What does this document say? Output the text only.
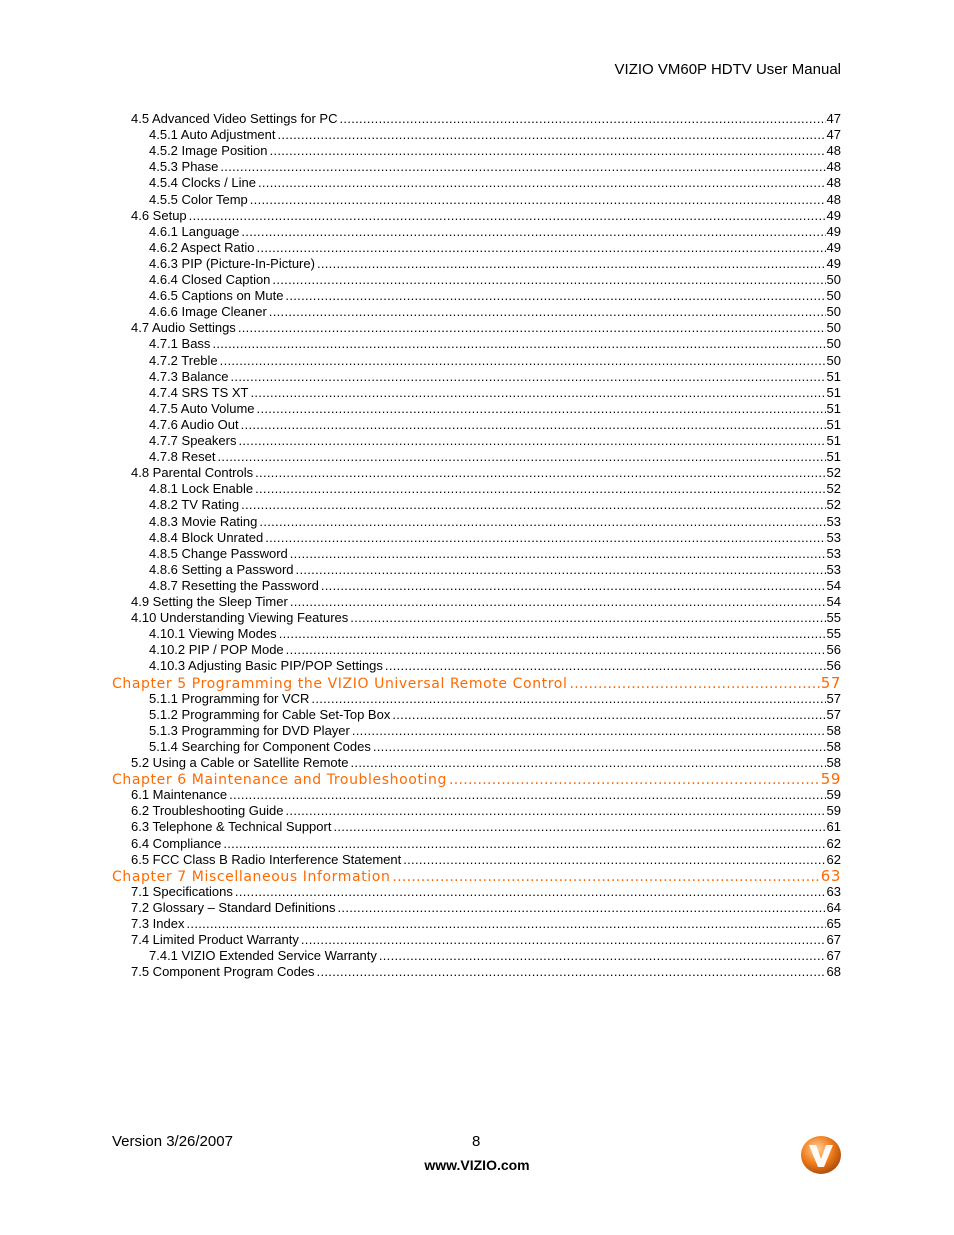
VIZIO VM60P HDTV User Manual
4.5 Advanced Video Settings for PC .....	47
4.5.1 Auto Adjustment .....	47
4.5.2 Image Position .....	48
4.5.3 Phase .....	48
4.5.4 Clocks / Line .....	48
4.5.5 Color Temp .....	48
4.6 Setup .....	49
4.6.1 Language .....	49
4.6.2 Aspect Ratio .....	49
4.6.3 PIP (Picture-In-Picture) .....	49
4.6.4 Closed Caption .....	50
4.6.5 Captions on Mute .....	50
4.6.6 Image Cleaner .....	50
4.7 Audio Settings .....	50
4.7.1 Bass .....	50
4.7.2 Treble .....	50
4.7.3 Balance .....	51
4.7.4 SRS TS XT .....	51
4.7.5 Auto Volume .....	51
4.7.6 Audio Out .....	51
4.7.7 Speakers .....	51
4.7.8 Reset .....	51
4.8 Parental Controls .....	52
4.8.1 Lock Enable .....	52
4.8.2 TV Rating .....	52
4.8.3 Movie Rating .....	53
4.8.4 Block Unrated .....	53
4.8.5 Change Password .....	53
4.8.6 Setting a Password .....	53
4.8.7 Resetting the Password .....	54
4.9 Setting the Sleep Timer .....	54
4.10 Understanding Viewing Features .....	55
4.10.1 Viewing Modes .....	55
4.10.2 PIP / POP Mode .....	56
4.10.3 Adjusting Basic PIP/POP Settings .....	56
Chapter 5 Programming the VIZIO Universal Remote Control .....	57
5.1.1 Programming for VCR .....	57
5.1.2 Programming for Cable Set-Top Box .....	57
5.1.3 Programming for DVD Player .....	58
5.1.4 Searching for Component Codes .....	58
5.2 Using a Cable or Satellite Remote .....	58
Chapter 6 Maintenance and Troubleshooting .....	59
6.1 Maintenance .....	59
6.2 Troubleshooting Guide .....	59
6.3 Telephone & Technical Support .....	61
6.4 Compliance .....	62
6.5 FCC Class B Radio Interference Statement .....	62
Chapter 7 Miscellaneous Information .....	63
7.1 Specifications .....	63
7.2 Glossary – Standard Definitions .....	64
7.3 Index .....	65
7.4 Limited Product Warranty .....	67
7.4.1 VIZIO Extended Service Warranty .....	67
7.5 Component Program Codes .....	68
Version 3/26/2007	8
www.VIZIO.com
